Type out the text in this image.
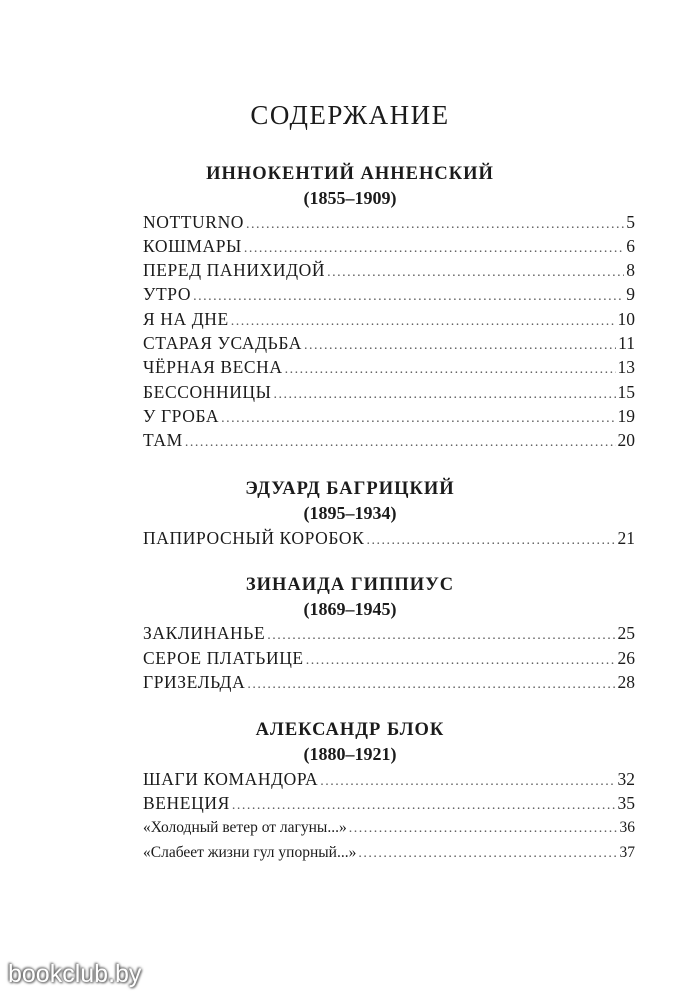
СОДЕРЖАНИЕ
ИННОКЕНТИЙ АННЕНСКИЙ
(1855–1909)
NOTTURNO .....	5
КОШМАРЫ .....	6
ПЕРЕД ПАНИХИДОЙ .....	8
УТРО .....	9
Я НА ДНЕ .....	10
СТАРАЯ УСАДЬБА .....	11
ЧЁРНАЯ ВЕСНА .....	13
БЕССОННИЦЫ .....	15
У ГРОБА .....	19
ТАМ .....	20
ЭДУАРД БАГРИЦКИЙ
(1895–1934)
ПАПИРОСНЫЙ КОРОБОК .....	21
ЗИНАИДА ГИППИУС
(1869–1945)
ЗАКЛИНАНЬЕ .....	25
СЕРОЕ ПЛАТЬИЦЕ .....	26
ГРИЗЕЛЬДА .....	28
АЛЕКСАНДР БЛОК
(1880–1921)
ШАГИ КОМАНДОРА .....	32
ВЕНЕЦИЯ .....	35
«Холодный ветер от лагуны...» .....	36
«Слабеет жизни гул упорный...» .....	37
bookclub.by
